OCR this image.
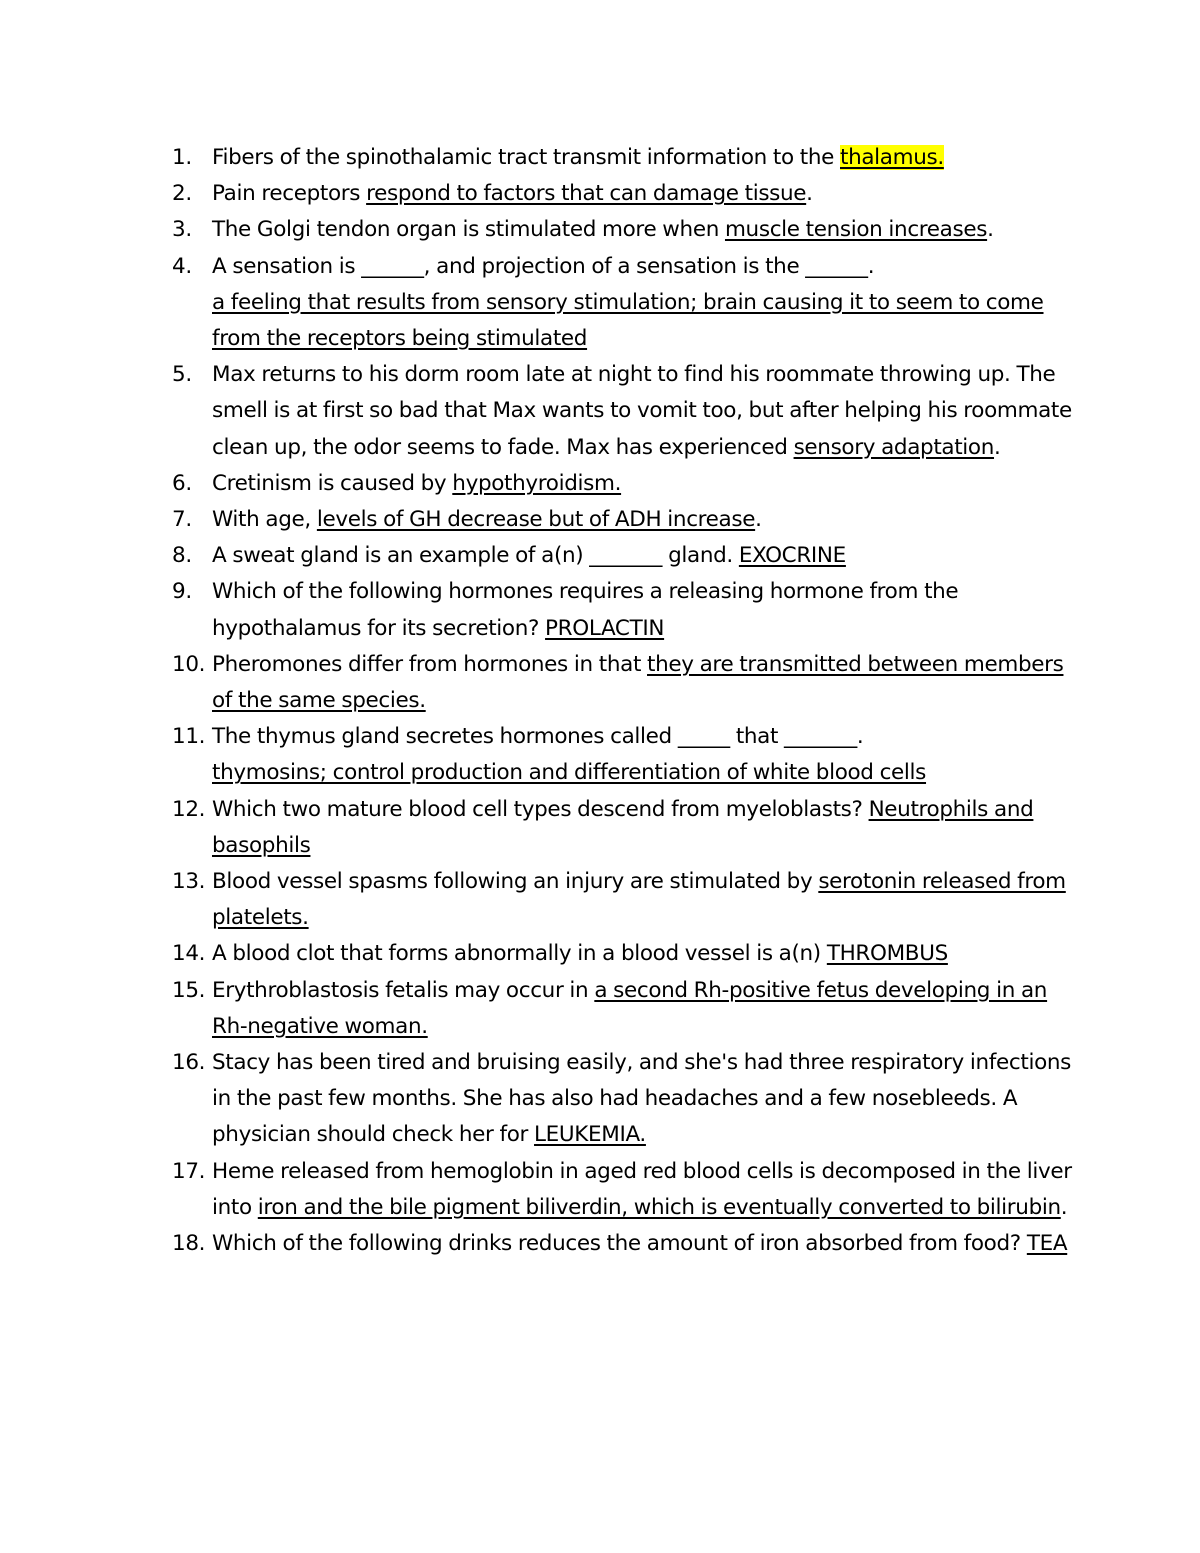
1. Fibers of the spinothalamic tract transmit information to the thalamus.
2. Pain receptors respond to factors that can damage tissue.
3. The Golgi tendon organ is stimulated more when muscle tension increases.
4. A sensation is ______, and projection of a sensation is the ______.
a feeling that results from sensory stimulation; brain causing it to seem to come from the receptors being stimulated
5. Max returns to his dorm room late at night to find his roommate throwing up. The smell is at first so bad that Max wants to vomit too, but after helping his roommate clean up, the odor seems to fade. Max has experienced sensory adaptation.
6. Cretinism is caused by hypothyroidism.
7. With age, levels of GH decrease but of ADH increase.
8. A sweat gland is an example of a(n) _______ gland. EXOCRINE
9. Which of the following hormones requires a releasing hormone from the hypothalamus for its secretion? PROLACTIN
10. Pheromones differ from hormones in that they are transmitted between members of the same species.
11. The thymus gland secretes hormones called _____ that _______.
thymosins; control production and differentiation of white blood cells
12. Which two mature blood cell types descend from myeloblasts? Neutrophils and basophils
13. Blood vessel spasms following an injury are stimulated by serotonin released from platelets.
14. A blood clot that forms abnormally in a blood vessel is a(n) THROMBUS
15. Erythroblastosis fetalis may occur in a second Rh-positive fetus developing in an Rh-negative woman.
16. Stacy has been tired and bruising easily, and she's had three respiratory infections in the past few months. She has also had headaches and a few nosebleeds. A physician should check her for LEUKEMIA.
17. Heme released from hemoglobin in aged red blood cells is decomposed in the liver into iron and the bile pigment biliverdin, which is eventually converted to bilirubin.
18. Which of the following drinks reduces the amount of iron absorbed from food? TEA
